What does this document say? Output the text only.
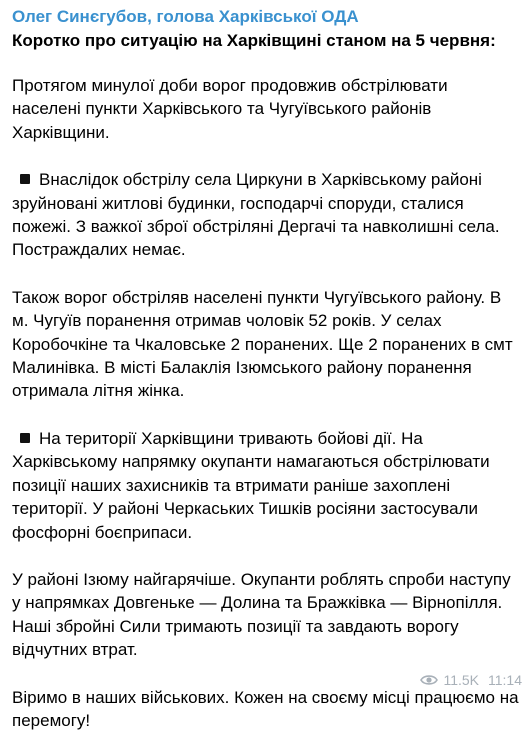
Олег Синєгубов, голова Харківської ОДА
Коротко про ситуацію на Харківщині станом на 5 червня:

Протягом минулої доби ворог продовжив обстрілювати населені пункти Харківського та Чугуївського районів Харківщини.

Внаслідок обстрілу села Циркуни в Харківському районі зруйновані житлові будинки, господарчі споруди, сталися пожежі. З важкої зброї обстріляні Дергачі та навколишні села. Постраждалих немає.

Також ворог обстріляв населені пункти Чугуївського району. В м. Чугуїв поранення отримав чоловік 52 років. У селах Коробочкіне та Чкаловське 2 поранених. Ще 2 поранених в смт Малинівка. В місті Балаклія Ізюмського району поранення отримала літня жінка.

На території Харківщини тривають бойові дії. На Харківському напрямку окупанти намагаються обстрілювати позиції наших захисників та втримати раніше захоплені території. У районі Черкаських Тишків росіяни застосували фосфорні боєприпаси.

У районі Ізюму найгарячіше. Окупанти роблять спроби наступу у напрямках Довгеньке — Долина та Бражківка — Вірнопілля. Наші збройні Сили тримають позиції та завдають ворогу відчутних втрат.

Віримо в наших військових. Кожен на своєму місці працюємо на перемогу!

11.5K 11:14
